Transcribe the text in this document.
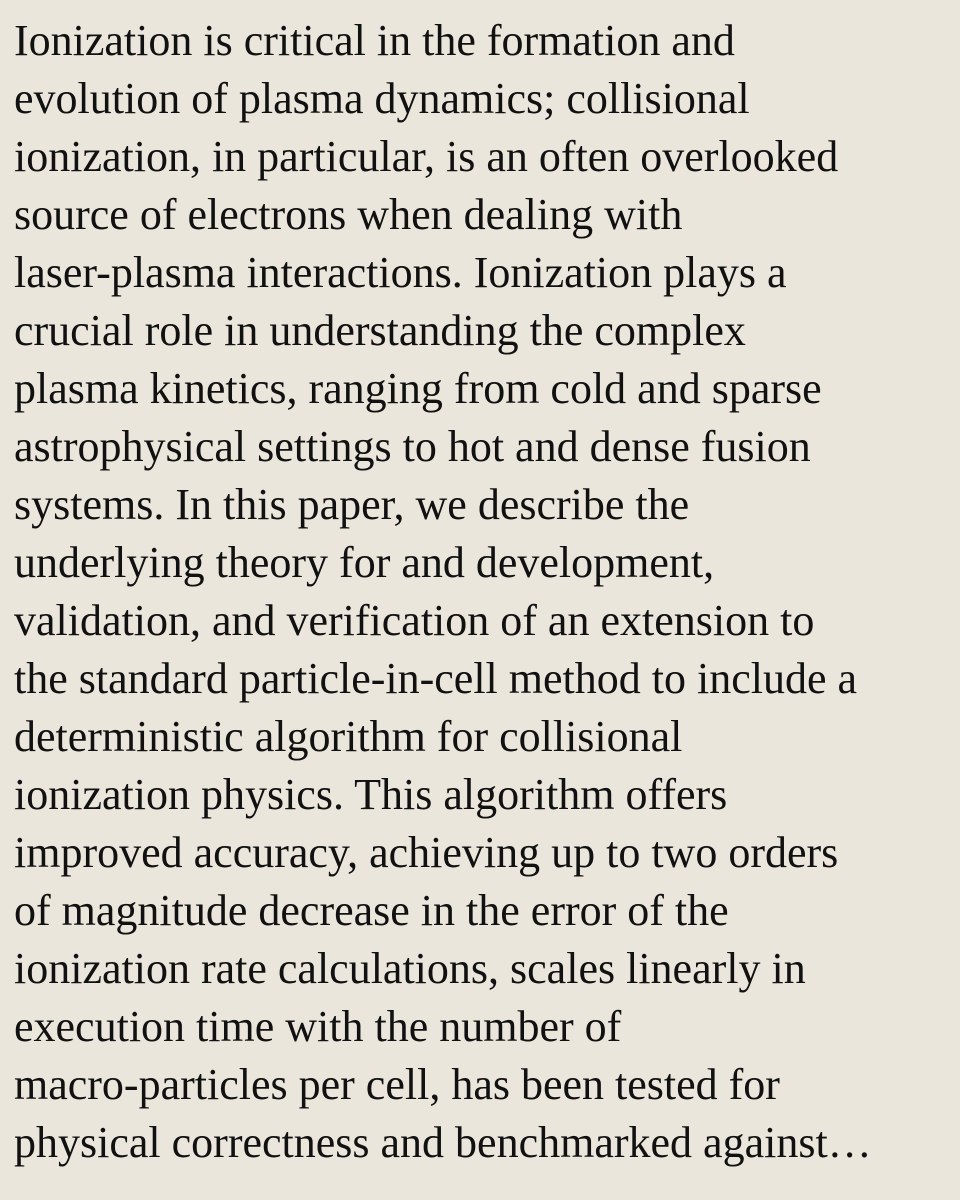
Ionization is critical in the formation and
evolution of plasma dynamics; collisional
ionization, in particular, is an often overlooked
source of electrons when dealing with
laser-plasma interactions. Ionization plays a
crucial role in understanding the complex
plasma kinetics, ranging from cold and sparse
astrophysical settings to hot and dense fusion
systems. In this paper, we describe the
underlying theory for and development,
validation, and verification of an extension to
the standard particle-in-cell method to include a
deterministic algorithm for collisional
ionization physics. This algorithm offers
improved accuracy, achieving up to two orders
of magnitude decrease in the error of the
ionization rate calculations, scales linearly in
execution time with the number of
macro-particles per cell, has been tested for
physical correctness and benchmarked against…
